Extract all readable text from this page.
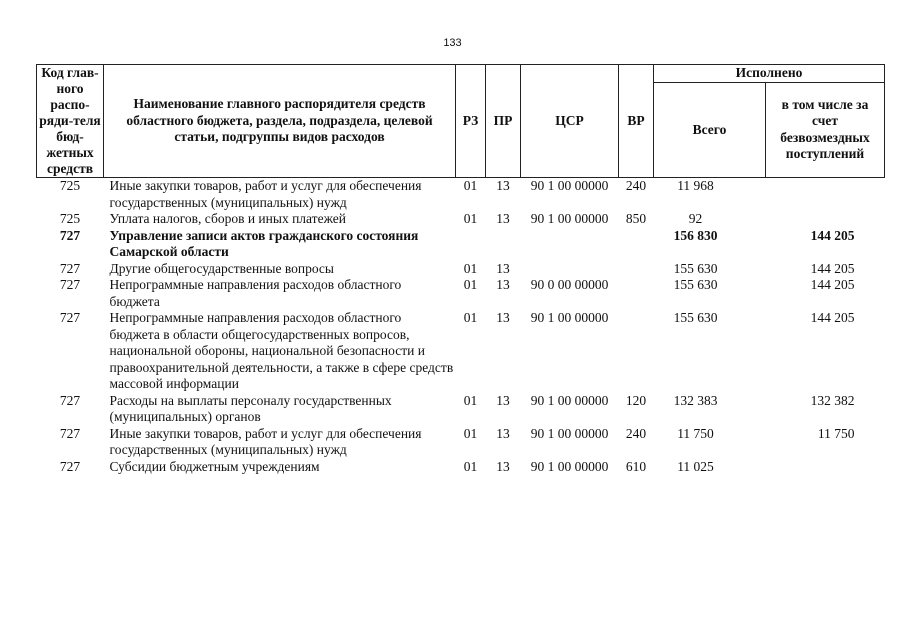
133
Код глав-ного распо-ряди-теля бюд-жетных средств	Наименование главного распорядителя средств областного бюджета, раздела, подраздела, целевой статьи, подгруппы видов расходов	РЗ	ПР	ЦСР	ВР	Исполнено	
						Всего	в том числе за счет безвозмездных поступлений
725	Иные закупки товаров, работ и услуг для обеспечения государственных (муниципальных) нужд	01	13	90 1 00 00000	240	11 968	
725	Уплата налогов, сборов и иных платежей	01	13	90 1 00 00000	850	92	
727	Управление записи актов гражданского состояния Самарской области					156 830	144 205
727	Другие общегосударственные вопросы	01	13			155 630	144 205
727	Непрограммные направления расходов областного бюджета	01	13	90 0 00 00000		155 630	144 205
727	Непрограммные направления расходов областного бюджета в области общегосударственных вопросов, национальной обороны, национальной безопасности и правоохранительной деятельности, а также в сфере средств массовой информации	01	13	90 1 00 00000		155 630	144 205
727	Расходы на выплаты персоналу государственных (муниципальных) органов	01	13	90 1 00 00000	120	132 383	132 382
727	Иные закупки товаров, работ и услуг для обеспечения государственных (муниципальных) нужд	01	13	90 1 00 00000	240	11 750	11 750
727	Субсидии бюджетным учреждениям	01	13	90 1 00 00000	610	11 025	
